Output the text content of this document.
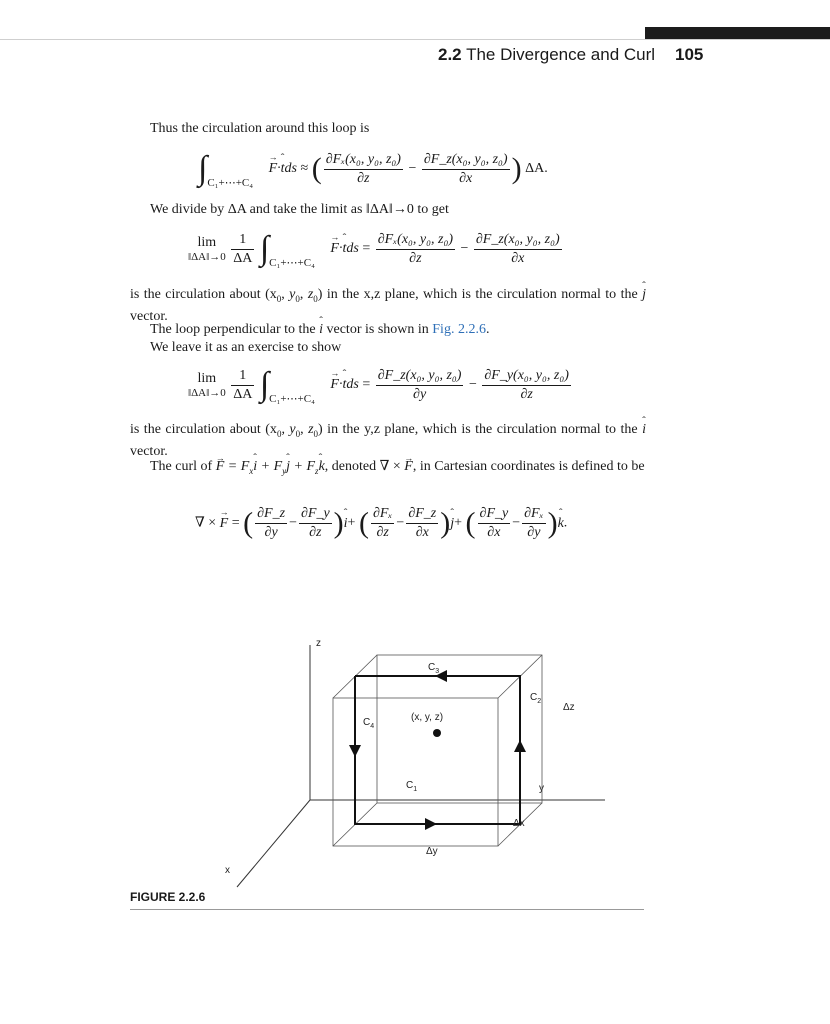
2.2 The Divergence and Curl 105
Thus the circulation around this loop is
$\int_{C_1+\cdots+C_4}$ → F·ˆ tds ≈ ( $\frac{\text{∂Fₓ(x₀, y₀, z₀)}}{\partial z} - \frac{\text{∂F\_z(x₀, y₀, z₀)}}{\partial x}$ ) ΔA.
We divide by ΔA and take the limit as ‖ΔA‖→0 to get
lim
‖ΔA‖→0
$\frac{1}{\Delta A} \int_{C_1+\cdots+C_4}$ → F·ˆ tds = $\frac{\text{∂Fₓ(x₀, y₀, z₀)}}{\partial z} - \frac{\text{∂F\_z(x₀, y₀, z₀)}}{\partial x}$
is the circulation about ($x_0$, $y_0$, $z_0$) in the x,z plane, which is the circulation normal to the ˆ j vector.
The loop perpendicular to the ˆ i vector is shown in Fig. 2.2.6.
We leave it as an exercise to show
lim
‖ΔA‖→0
$\frac{1}{\Delta A} \int_{C_1+\cdots+C_4}$ → F·ˆ tds = $\frac{\text{∂F\_z(x₀, y₀, z₀)}}{\partial y} - \frac{\text{∂F\_y(x₀, y₀, z₀)}}{\partial z}$
is the circulation about ($x_0$, $y_0$, $z_0$) in the y,z plane, which is the circulation normal to the ˆ i vector.
The curl of → $F = F_xˆ$ $i + F_yˆ$ $j + F_zˆ$ k, denoted ∇ × → F, in Cartesian coordinates is defined to be
∇ × → F = ( $\frac{\partial F\_z}{\partial y} - \frac{\partial F\_y}{\partial z}$ )ˆ i+ ( $\frac{\text{∂Fₓ}}{\partial z} - \frac{\partial F\_z}{\partial x}$ )ˆ j+ ( $\frac{\partial F\_y}{\partial x} - \frac{\text{∂Fₓ}}{\partial y}$ )ˆ k.
z
y
x
(x, y, z)
$C_3$
$C_2$
$C_4$
$C_1$
Δz
Δx
Δy
FIGURE 2.2.6
